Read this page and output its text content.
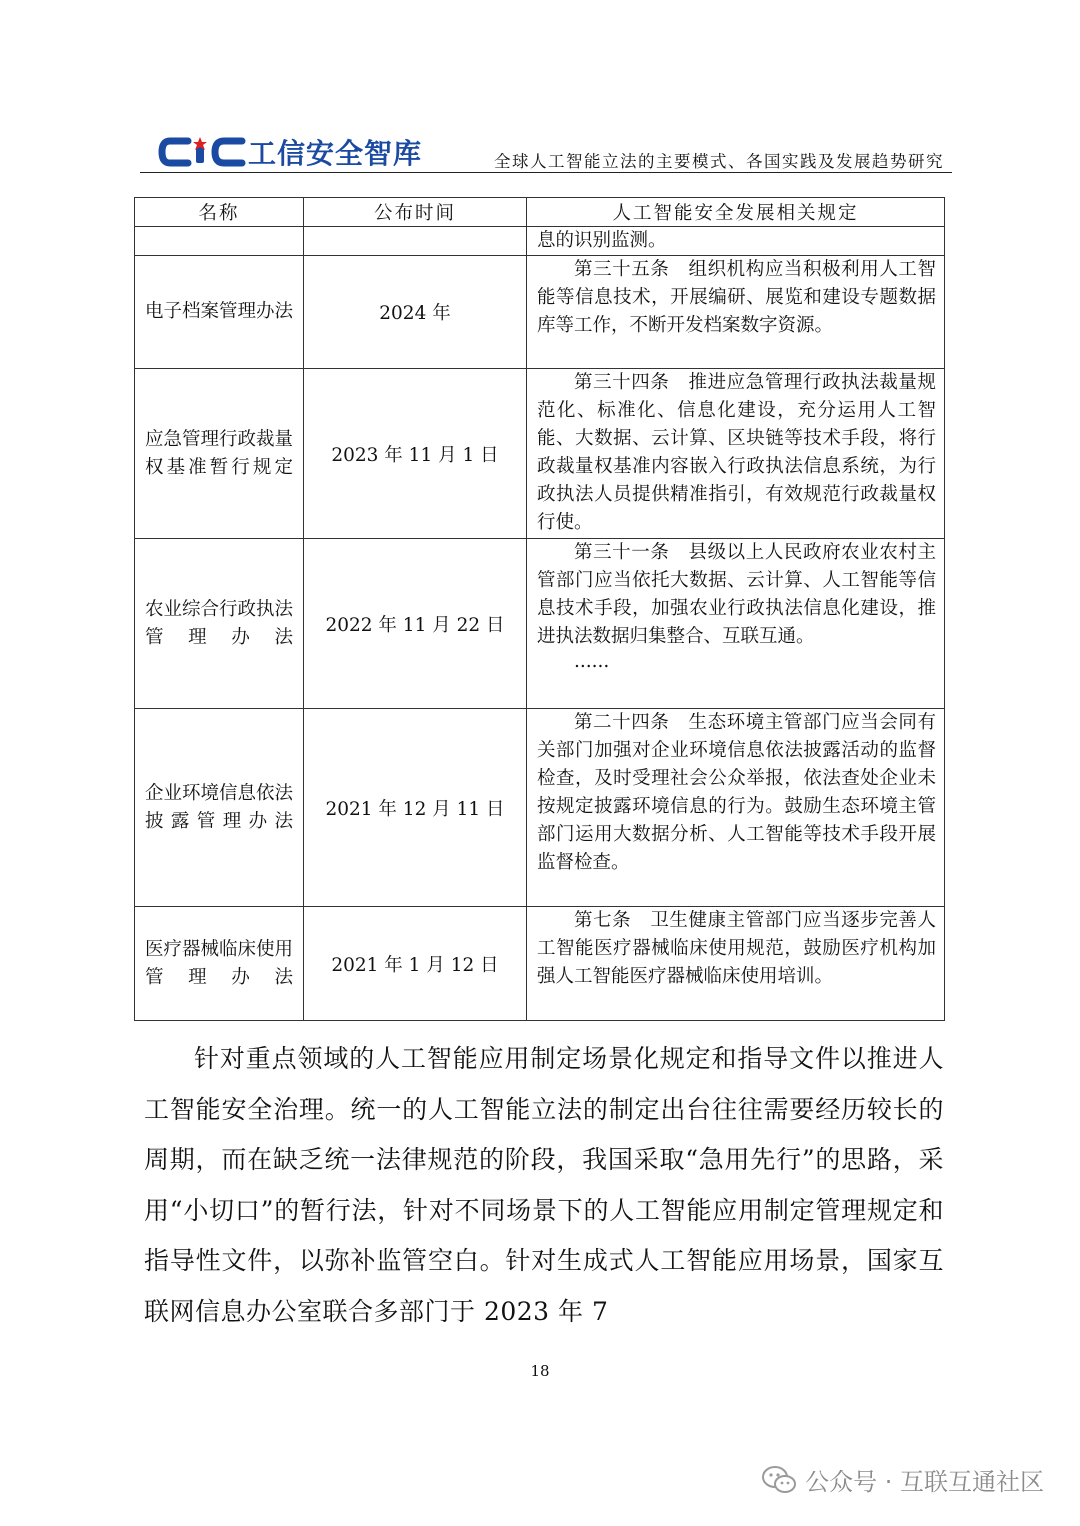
工信安全智库	全球人工智能立法的主要模式、各国实践及发展趋势研究
名称	公布时间	人工智能安全发展相关规定

		息的识别监测。

电子档案管理办法	2024 年	第三十五条　组织机构应当积极利用人工智能等信息技术，开展编研、展览和建设专题数据库等工作，不断开发档案数字资源。

应急管理行政裁量权基准暂行规定	2023 年 11 月 1 日	第三十四条　推进应急管理行政执法裁量规范化、标准化、信息化建设，充分运用人工智能、大数据、云计算、区块链等技术手段，将行政裁量权基准内容嵌入行政执法信息系统，为行政执法人员提供精准指引，有效规范行政裁量权行使。

农业综合行政执法管理办法	2022 年 11 月 22 日	第三十一条　县级以上人民政府农业农村主管部门应当依托大数据、云计算、人工智能等信息技术手段，加强农业行政执法信息化建设，推进执法数据归集整合、互联互通。
......

企业环境信息依法披露管理办法	2021 年 12 月 11 日	第二十四条　生态环境主管部门应当会同有关部门加强对企业环境信息依法披露活动的监督检查，及时受理社会公众举报，依法查处企业未按规定披露环境信息的行为。鼓励生态环境主管部门运用大数据分析、人工智能等技术手段开展监督检查。

医疗器械临床使用管理办法	2021 年 1 月 12 日	第七条　卫生健康主管部门应当逐步完善人工智能医疗器械临床使用规范，鼓励医疗机构加强人工智能医疗器械临床使用培训。

针对重点领域的人工智能应用制定场景化规定和指导文件以推进人工智能安全治理。统一的人工智能立法的制定出台往往需要经历较长的周期，而在缺乏统一法律规范的阶段，我国采取“急用先行”的思路，采用“小切口”的暂行法，针对不同场景下的人工智能应用制定管理规定和指导性文件，以弥补监管空白。针对生成式人工智能应用场景，国家互联网信息办公室联合多部门于 2023 年 7

18
公众号 · 互联互通社区
